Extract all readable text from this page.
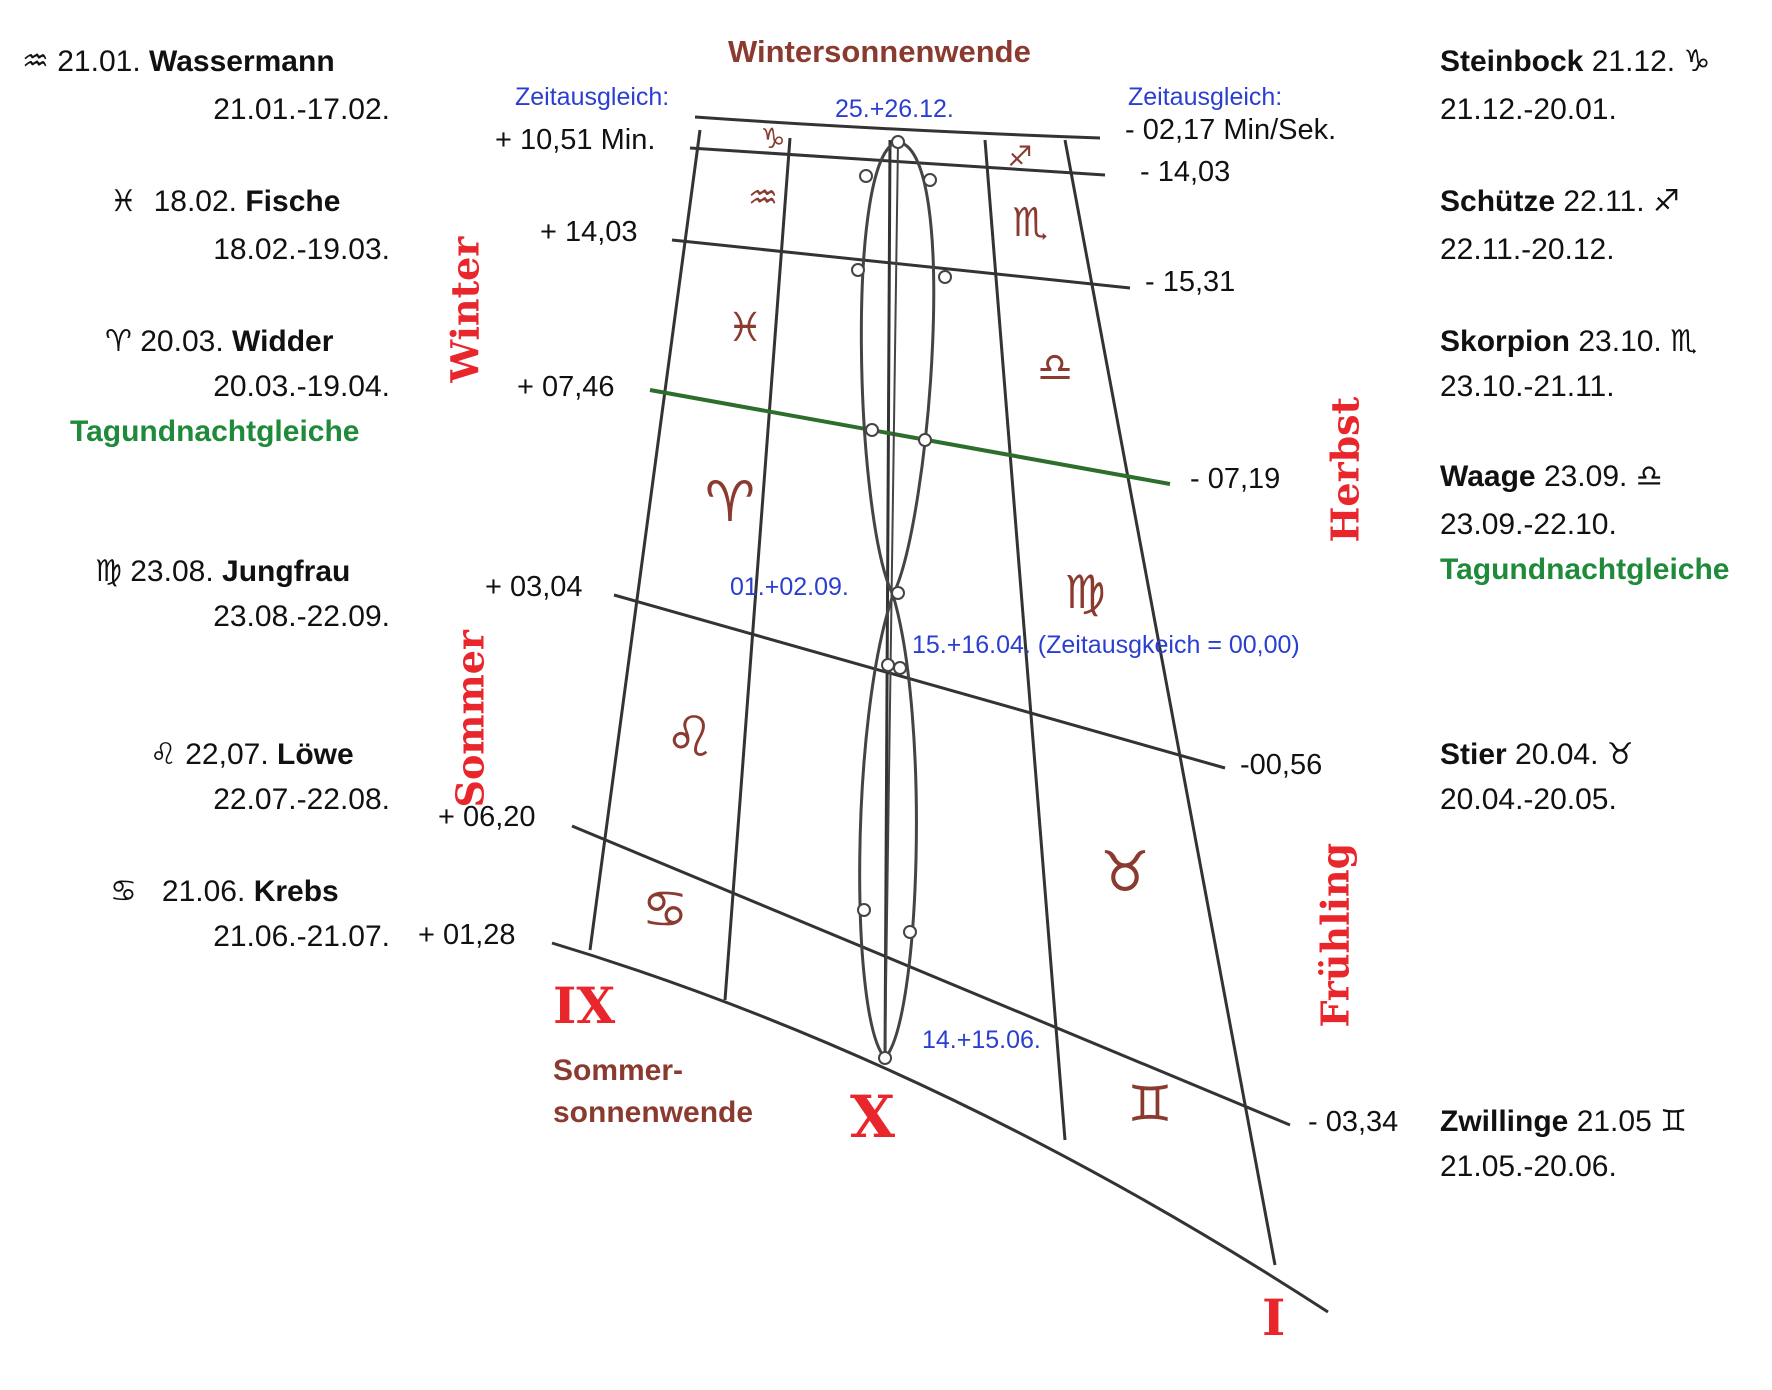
♒ 21.01. Wassermann
21.01.-17.02.
♓ 18.02. Fische
18.02.-19.03.
♈ 20.03. Widder
20.03.-19.04.
Tagundnachtgleiche
♍ 23.08. Jungfrau
23.08.-22.09.
♌ 22,07. Löwe
22.07.-22.08.
♋ 21.06. Krebs
21.06.-21.07.
Steinbock 21.12. ♑
21.12.-20.01.
Schütze 22.11. ♐
22.11.-20.12.
Skorpion 23.10. ♏
23.10.-21.11.
Waage 23.09. ♎
23.09.-22.10.
Tagundnachtgleiche
Stier 20.04. ♉
20.04.-20.05.
Zwillinge 21.05 ♊
21.05.-20.06.
Wintersonnenwende
Zeitausgleich:	Zeitausgleich:
25.+26.12.
+ 10,51 Min.
+ 14,03
+ 07,46
+ 03,04
+ 06,20
+ 01,28
- 02,17 Min/Sek.
- 14,03
- 15,31
- 07,19
-00,56
- 03,34
01.+02.09.
15.+16.04. (Zeitausgkeich = 00,00)
14.+15.06.
Winter
Sommer
Herbst
Frühling
Sommer-
sonnenwende
IX
X
I
♑
♐
♒
♏
♓
♎
♈
♍
♌
♉
♋
♊
